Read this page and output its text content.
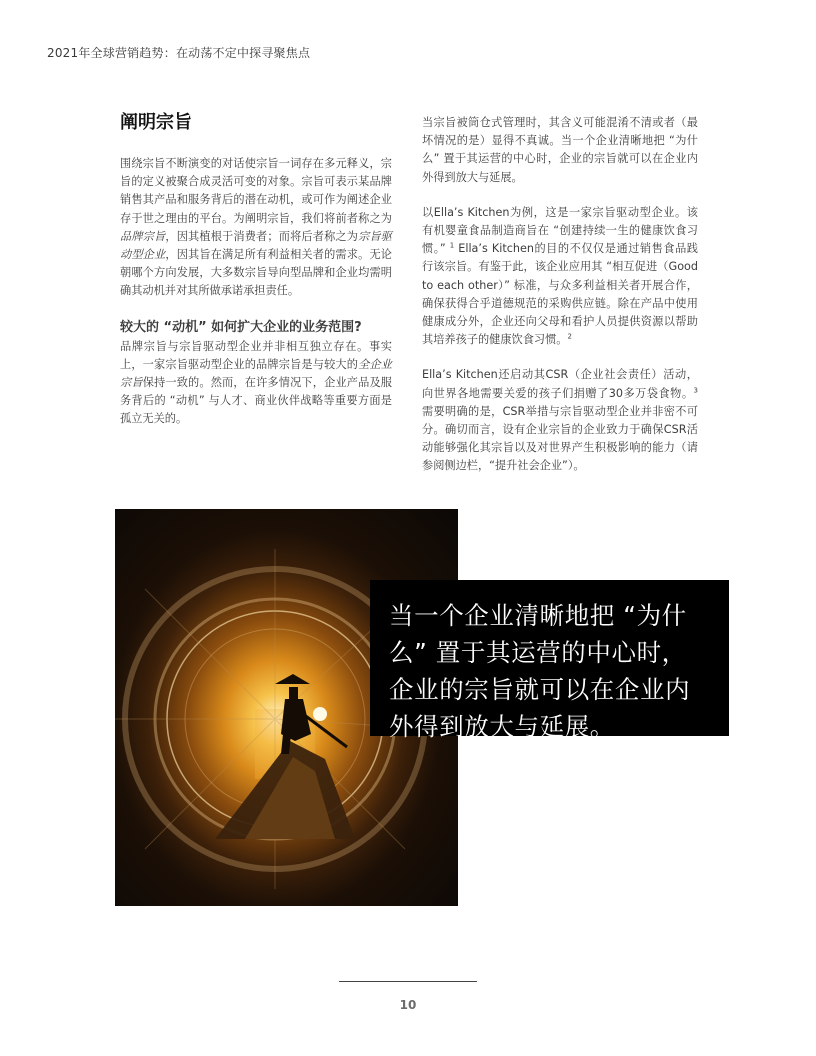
2021年全球营销趋势：在动荡不定中探寻聚焦点
阐明宗旨

围绕宗旨不断演变的对话使宗旨一词存在多元释义，宗旨的定义被聚合成灵活可变的对象。宗旨可表示某品牌销售其产品和服务背后的潜在动机，或可作为阐述企业存于世之理由的平台。为阐明宗旨，我们将前者称之为品牌宗旨，因其植根于消费者；而将后者称之为宗旨驱动型企业，因其旨在满足所有利益相关者的需求。无论朝哪个方向发展，大多数宗旨导向型品牌和企业均需明确其动机并对其所做承诺承担责任。

较大的 “动机” 如何扩大企业的业务范围?

品牌宗旨与宗旨驱动型企业并非相互独立存在。事实上，一家宗旨驱动型企业的品牌宗旨是与较大的全企业宗旨保持一致的。然而，在许多情况下，企业产品及服务背后的 “动机” 与人才、商业伙伴战略等重要方面是孤立无关的。

当宗旨被筒仓式管理时，其含义可能混淆不清或者（最坏情况的是）显得不真诚。当一个企业清晰地把 “为什么” 置于其运营的中心时，企业的宗旨就可以在企业内外得到放大与延展。

以Ella’s Kitchen为例，这是一家宗旨驱动型企业。该有机婴童食品制造商旨在 “创建持续一生的健康饮食习惯。” $^1$ Ella’s Kitchen的目的不仅仅是通过销售食品践行该宗旨。有鉴于此，该企业应用其 “相互促进（Good to each other）” 标准，与众多利益相关者开展合作，确保获得合乎道德规范的采购供应链。除在产品中使用健康成分外，企业还向父母和看护人员提供资源以帮助其培养孩子的健康饮食习惯。$^2$

Ella’s Kitchen还启动其CSR（企业社会责任）活动，向世界各地需要关爱的孩子们捐赠了30多万袋食物。$^3$需要明确的是，CSR举措与宗旨驱动型企业并非密不可分。确切而言，设有企业宗旨的企业致力于确保CSR活动能够强化其宗旨以及对世界产生积极影响的能力（请参阅侧边栏，“提升社会企业”）。

当一个企业清晰地把 “为什么” 置于其运营的中心时，企业的宗旨就可以在企业内外得到放大与延展。
10
